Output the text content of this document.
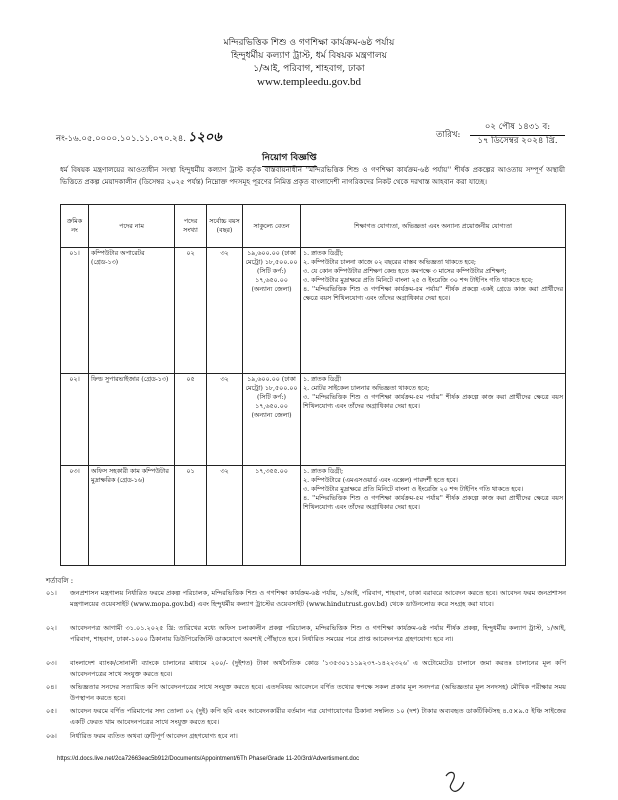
মন্দিরভিত্তিক শিশু ও গণশিক্ষা কার্যক্রম-৬ষ্ঠ পর্যায়
হিন্দুধর্মীয় কল্যাণ ট্রাস্ট, ধর্ম বিষয়ক মন্ত্রণালয়
১/আই, পরিবাগ, শাহবাগ, ঢাকা
www.templeedu.gov.bd
নং-১৬.০৫.০০০০.১০১.১১.০৭০.২৪. ১২০৬	তারিখ:
০২ পৌষ ১৪৩১ ব:
১৭ ডিসেম্বর ২০২৪ খ্রি.
নিয়োগ বিজ্ঞপ্তি
ধর্ম বিষয়ক মন্ত্রণালয়ের আওতাধীন সংস্থা হিন্দুধর্মীয় কল্যাণ ট্রাস্ট কর্তৃক বাস্তবায়নাধীন ''মন্দিরভিত্তিক শিশু ও গণশিক্ষা কার্যক্রম-৬ষ্ঠ পর্যায়'' শীর্ষক প্রকল্পের আওতায় সম্পূর্ণ অস্থায়ী ভিত্তিতে প্রকল্প মেয়াদকালীন (ডিসেম্বর ২০২৫ পর্যন্ত) নিম্নোক্ত পদসমূহ পূরণের নিমিত্ত প্রকৃত বাংলাদেশী নাগরিকদের নিকট থেকে দরখাস্ত আহবান করা যাচ্ছে।
ক্রমিক নং	পদের নাম	পদের সংখ্যা	সর্বোচ্চ বয়স (বছর)	সাকুল্যে বেতন	শিক্ষাগত যোগ্যতা, অভিজ্ঞতা এবং অন্যান্য প্রয়োজনীয় যোগ্যতা
০১।	কম্পিউটার অপারেটর (গ্রেড-১৩)	০২	৩২	১৯,৬০০.০০ (ঢাকা মেট্রো) ১৮,৫০০.০০ (সিটি কর্প:) ১৭,৬৫০.০০ (অন্যান্য জেলা)	১. স্নাতক ডিগ্রী;
২. কম্পিউটার চালনা কাজে ০২ বছরের বাস্তব অভিজ্ঞতা থাকতে হবে;
৩. যে কোন কম্পিউটার প্রশিক্ষণ কেন্দ্র হতে কমপক্ষে ৩ মাসের কম্পিউটার প্রশিক্ষণ;
৩. কম্পিউটার মুদ্রাক্ষরে প্রতি মিনিটে বাংলা ২৫ ও ইংরেজি ৩০ শব্দ টাইপিং গতি থাকতে হবে;
৪. ''মন্দিরভিত্তিক শিশু ও গণশিক্ষা কার্যক্রম-৫ম পর্যায়'' শীর্ষক প্রকল্পে একই গ্রেডে কাজ করা প্রার্থীদের ক্ষেত্রে বয়স শিথিলযোগ্য এবং তাঁদের অগ্রাধিকার দেয়া হবে।

০২।	ফিল্ড সুপারভাইজার (গ্রেড-১৩)	০৫	৩২	১৯,৬০০.০০ (ঢাকা মেট্রো) ১৮,৫০০.০০ (সিটি কর্প:) ১৭,৬৫০.০০ (অন্যান্য জেলা)	১. স্নাতক ডিগ্রী
২. মোটর সাইকেল চালনার অভিজ্ঞতা থাকতে হবে;
৩. ''মন্দিরভিত্তিক শিশু ও গণশিক্ষা কার্যক্রম-৫ম পর্যায়'' শীর্ষক প্রকল্পে কাজ করা প্রার্থীদের ক্ষেত্রে বয়স শিথিলযোগ্য এবং তাঁদের অগ্রাধিকার দেয়া হবে।

০৩।	অফিস সহকারী কাম কম্পিউটার মুদ্রাক্ষরিক (গ্রেড-১৬)	০১	৩২	১৭,৩৫৫.০০	১. স্নাতক ডিগ্রী;
২. কম্পিউটারে (এমএসওয়ার্ড এবং এক্সেল) পারদর্শী হতে হবে।
৩. কম্পিউটার মুদ্রাক্ষরে প্রতি মিনিটে বাংলা ও ইংরেজি ২০ শব্দ টাইপিং গতি থাকতে হবে।
৪. ''মন্দিরভিত্তিক শিশু ও গণশিক্ষা কার্যক্রম-৫ম পর্যায়'' শীর্ষক প্রকল্পে কাজ করা প্রার্থীদের ক্ষেত্রে বয়স শিথিলযোগ্য এবং তাঁদের অগ্রাধিকার দেয়া হবে।
শর্তাবলি :
০১।	জনপ্রশাসন মন্ত্রণালয় নির্ধারিত ফরমে প্রকল্প পরিচালক, মন্দিরভিত্তিক শিশু ও গণশিক্ষা কার্যক্রম-৬ষ্ঠ পর্যায়, ১/আই, পরিবাগ, শাহবাগ, ঢাকা বরাবরে আবেদন করতে হবে। আবেদন ফরম জনপ্রশাসন মন্ত্রণালয়ের ওয়েবসাইট (www.mopa.gov.bd) এবং হিন্দুধর্মীয় কল্যাণ ট্রাস্টের ওয়েবসাইট (www.hindutrust.gov.bd) থেকে ডাউনলোড করে সংগ্রহ করা যাবে।
০২।	আবেদনপত্র আগামী ৩১.০১.২০২৫ খ্রি: তারিখের মধ্যে অফিস চলাকালীন প্রকল্প পরিচালক, মন্দিরভিত্তিক শিশু ও গণশিক্ষা কার্যক্রম-৬ষ্ঠ পর্যায় শীর্ষক প্রকল্প, হিন্দুধর্মীয় কল্যাণ ট্রাস্ট, ১/আই, পরিবাগ, শাহবাগ, ঢাকা-১০০০ ঠিকানায় ডিউপিরেজিস্টি ডাকযোগে অবশ্যই পৌঁছাতে হবে। নির্ধারিত সময়ের পরে প্রাপ্ত আবেদনপত্র গ্রহণযোগ্য হবে না।
০৩।	বাংলাদেশ ব্যাংক/সোনালী ব্যাংকে চালানের মাধ্যমে ২০০/- (দুইশত) টাকা অর্থনৈতিক কোড '১৩৫৩০১১১৯২৩৭-১৪২২৩২৬' এ অটোমেটেড চালানে জমা করতঃ চালানের মূল কপি আবেদনপত্রের সাথে সংযুক্ত করতে হবে।
০৪।	অভিজ্ঞতার সনদের সত্যায়িত কপি আবেদনপত্রের সাথে সংযুক্ত করতে হবে। এতদবিষয় আবেদনে বর্ণিত তথ্যের স্বপক্ষে সকল প্রকার মূল সনদপত্র (অভিজ্ঞতার মূল সনদসহ) মৌখিক পরীক্ষার সময় উপস্থাপন করতে হবে।
০৫।	আবেদন ফরমে বর্ণিত পরিমাপের সদ্য তোলা ০২ (দুই) কপি ছবি এবং আবেদনকারীর বর্তমান পত্র যোগাযোগের ঠিকানা সম্বলিত ১০ (দশ) টাকার অব্যবহৃত ডাকটিকিটসহ ৪.৫×৯.৫ ইঞ্চি সাইজের একটি ফেরত খাম আবেদনপত্রের সাথে সংযুক্ত করতে হবে।
০৬।	নির্ধারিত ফরম ব্যতিত অথবা ত্রুটিপূর্ণ আবেদন গ্রহণযোগ্য হবে না।
https://d.docs.live.net/2ca72663eac5b912/Documents/Appointment/6Th Phase/Grade 11-20/3rd/Advertisment.doc
